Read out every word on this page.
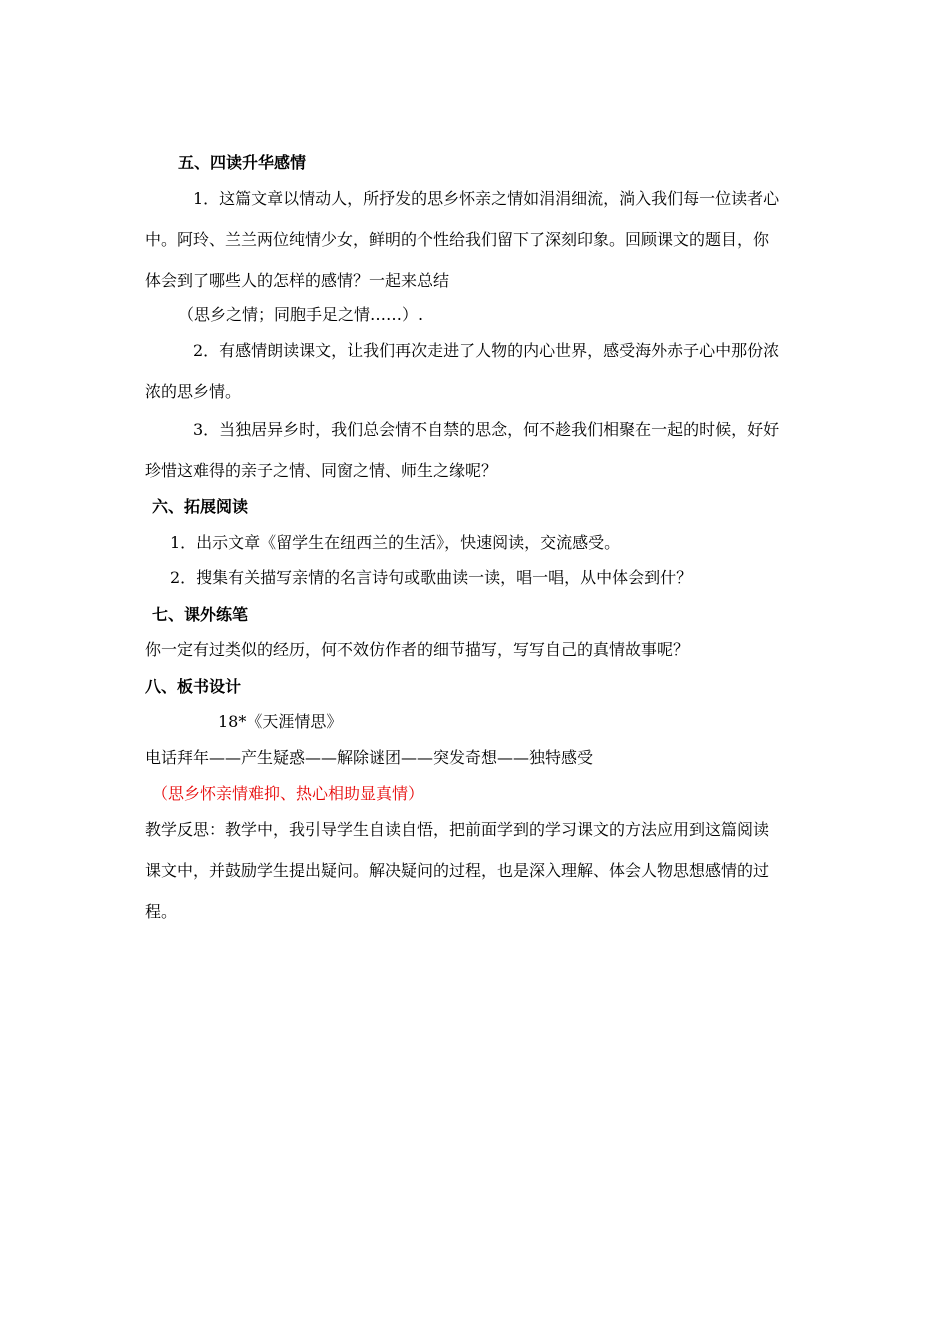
五、四读升华感情
1．这篇文章以情动人，所抒发的思乡怀亲之情如涓涓细流，淌入我们每一位读者心
中。阿玲、兰兰两位纯情少女，鲜明的个性给我们留下了深刻印象。回顾课文的题目，你
体会到了哪些人的怎样的感情？一起来总结
（思乡之情；同胞手足之情……）.
2．有感情朗读课文，让我们再次走进了人物的内心世界，感受海外赤子心中那份浓
浓的思乡情。
3．当独居异乡时，我们总会情不自禁的思念，何不趁我们相聚在一起的时候，好好
珍惜这难得的亲子之情、同窗之情、师生之缘呢？
六、拓展阅读
1．出示文章《留学生在纽西兰的生活》，快速阅读，交流感受。
2．搜集有关描写亲情的名言诗句或歌曲读一读，唱一唱，从中体会到什？
七、课外练笔
你一定有过类似的经历，何不效仿作者的细节描写，写写自己的真情故事呢？
八、板书设计
18*《天涯情思》
电话拜年——产生疑惑——解除谜团——突发奇想——独特感受
（思乡怀亲情难抑、热心相助显真情）
教学反思：教学中，我引导学生自读自悟，把前面学到的学习课文的方法应用到这篇阅读
课文中，并鼓励学生提出疑问。解决疑问的过程，也是深入理解、体会人物思想感情的过
程。
